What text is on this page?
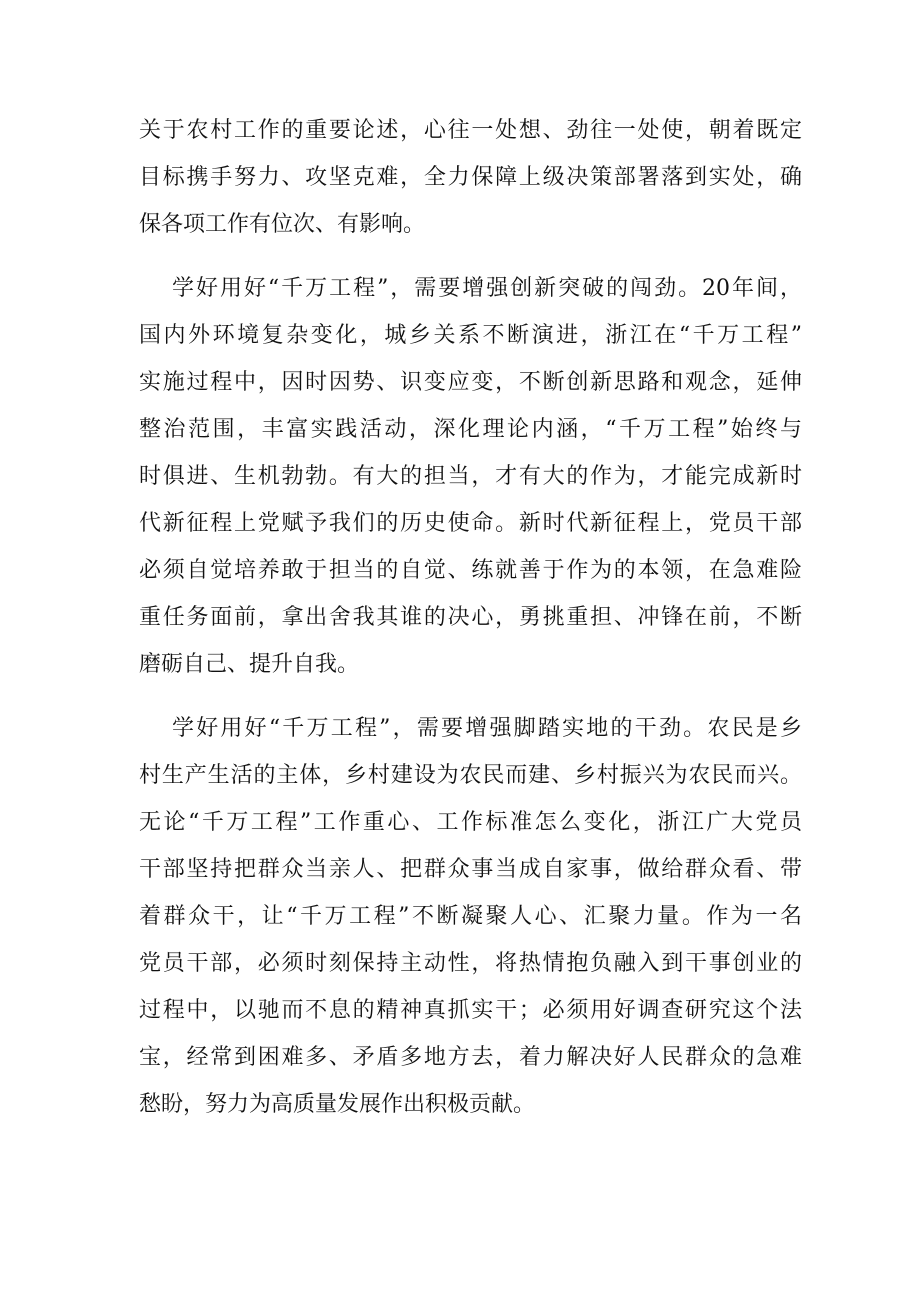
关于农村工作的重要论述，心往一处想、劲往一处使，朝着既定
目标携手努力、攻坚克难，全力保障上级决策部署落到实处，确
保各项工作有位次、有影响。

学好用好“千万工程”，需要增强创新突破的闯劲。20年间，
国内外环境复杂变化，城乡关系不断演进，浙江在“千万工程”
实施过程中，因时因势、识变应变，不断创新思路和观念，延伸
整治范围，丰富实践活动，深化理论内涵，“千万工程”始终与
时俱进、生机勃勃。有大的担当，才有大的作为，才能完成新时
代新征程上党赋予我们的历史使命。新时代新征程上，党员干部
必须自觉培养敢于担当的自觉、练就善于作为的本领，在急难险
重任务面前，拿出舍我其谁的决心，勇挑重担、冲锋在前，不断
磨砺自己、提升自我。

学好用好“千万工程”，需要增强脚踏实地的干劲。农民是乡
村生产生活的主体，乡村建设为农民而建、乡村振兴为农民而兴。
无论“千万工程”工作重心、工作标准怎么变化，浙江广大党员
干部坚持把群众当亲人、把群众事当成自家事，做给群众看、带
着群众干，让“千万工程”不断凝聚人心、汇聚力量。作为一名
党员干部，必须时刻保持主动性，将热情抱负融入到干事创业的
过程中，以驰而不息的精神真抓实干；必须用好调查研究这个法
宝，经常到困难多、矛盾多地方去，着力解决好人民群众的急难
愁盼，努力为高质量发展作出积极贡献。
